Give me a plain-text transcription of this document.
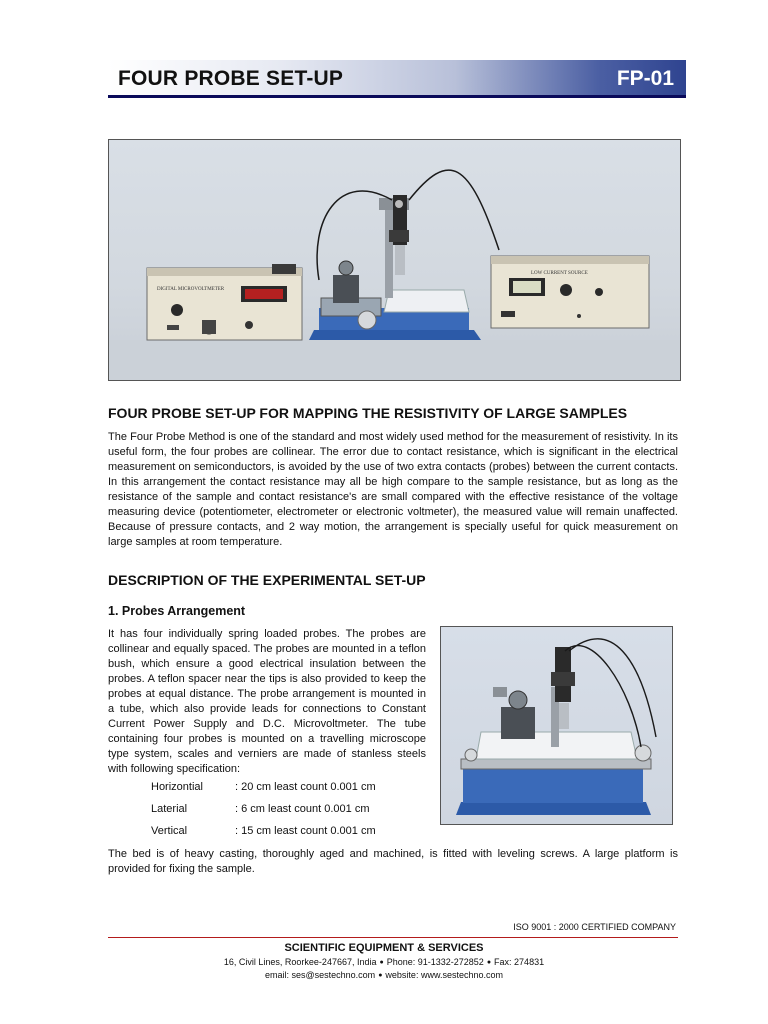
FOUR PROBE SET-UP	FP-01
DIGITAL MICROVOLTMETER
LOW CURRENT SOURCE
FOUR PROBE SET-UP FOR MAPPING THE RESISTIVITY OF LARGE SAMPLES
The Four Probe Method is one of the standard and most widely used method for the measurement of resistivity. In its useful form, the four probes are collinear. The error due to contact resistance, which is significant in the electrical measurement on semiconductors, is avoided by the use of two extra contacts (probes) between the current contacts. In this arrangement the contact resistance may all be high compare to the sample resistance, but as long as the resistance of the sample and contact resistance's are small compared with the effective resistance of the voltage measuring device (potentiometer, electrometer or electronic voltmeter), the measured value will remain unaffected. Because of pressure contacts, and 2 way motion, the arrangement is specially useful for quick measurement on large samples at room temperature.
DESCRIPTION OF THE EXPERIMENTAL SET-UP
1. Probes Arrangement
It has four individually spring loaded probes. The probes are collinear and equally spaced. The probes are mounted in a teflon bush, which ensure a good electrical insulation between the probes. A teflon spacer near the tips is also provided to keep the probes at equal distance. The probe arrangement is mounted in a tube, which also provide leads for connections to Constant Current Power Supply and D.C. Microvoltmeter. The tube containing four probes is mounted on a travelling microscope type system, scales and verniers are made of stanless steels with following specification:
Horizontial	: 20 cm least count 0.001 cm
Laterial	: 6 cm least count 0.001 cm
Vertical	: 15 cm least count 0.001 cm
The bed is of heavy casting, thoroughly aged and machined, is fitted with leveling screws. A large platform is provided for fixing the sample.
ISO 9001 : 2000 CERTIFIED COMPANY
SCIENTIFIC EQUIPMENT & SERVICES
16, Civil Lines, Roorkee-247667, India ● Phone: 91-1332-272852 ● Fax: 274831
email: ses@sestechno.com ● website: www.sestechno.com
